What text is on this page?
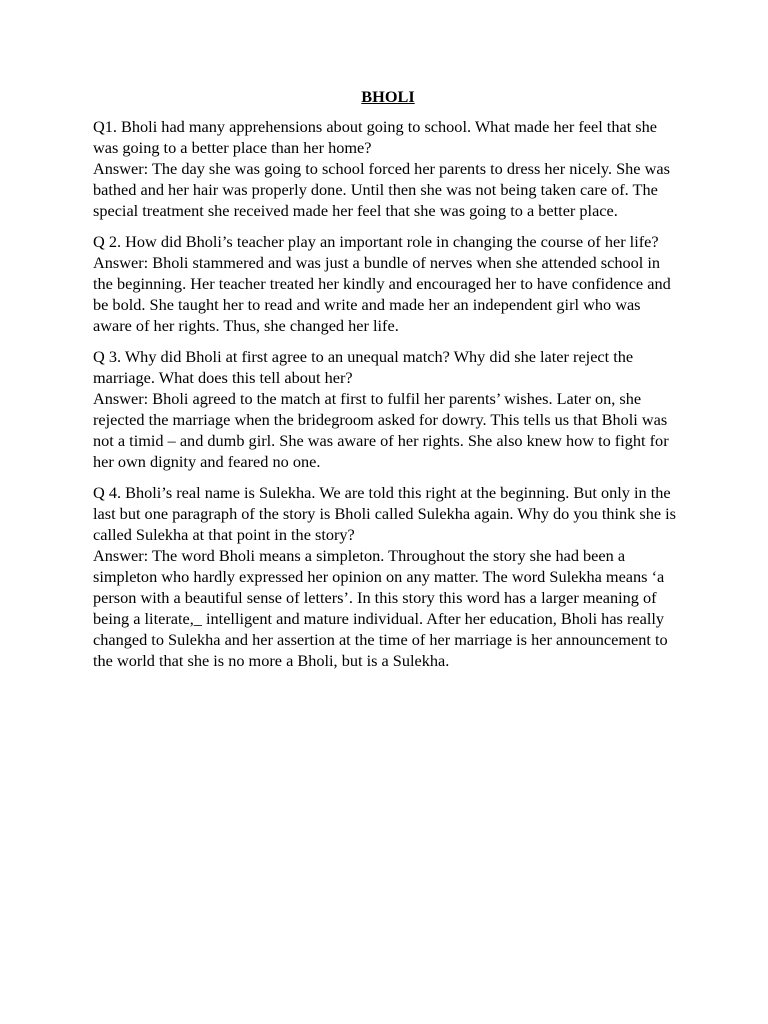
BHOLI

Q1. Bholi had many apprehensions about going to school. What made her feel that she was going to a better place than her home?

Answer: The day she was going to school forced her parents to dress her nicely. She was bathed and her hair was properly done. Until then she was not being taken care of. The special treatment she received made her feel that she was going to a better place.

Q 2. How did Bholi’s teacher play an important role in changing the course of her life?

Answer: Bholi stammered and was just a bundle of nerves when she attended school in the beginning. Her teacher treated her kindly and encouraged her to have confidence and be bold. She taught her to read and write and made her an independent girl who was aware of her rights. Thus, she changed her life.

Q 3. Why did Bholi at first agree to an unequal match? Why did she later reject the marriage. What does this tell about her?

Answer: Bholi agreed to the match at first to fulfil her parents’ wishes. Later on, she rejected the marriage when the bridegroom asked for dowry. This tells us that Bholi was not a timid – and dumb girl. She was aware of her rights. She also knew how to fight for her own dignity and feared no one.

Q 4. Bholi’s real name is Sulekha. We are told this right at the beginning. But only in the last but one paragraph of the story is Bholi called Sulekha again. Why do you think she is called Sulekha at that point in the story?

Answer: The word Bholi means a simpleton. Throughout the story she had been a simpleton who hardly expressed her opinion on any matter. The word Sulekha means ‘a person with a beautiful sense of letters’. In this story this word has a larger meaning of being a literate,_ intelligent and mature individual. After her education, Bholi has really changed to Sulekha and her assertion at the time of her marriage is her announcement to the world that she is no more a Bholi, but is a Sulekha.
